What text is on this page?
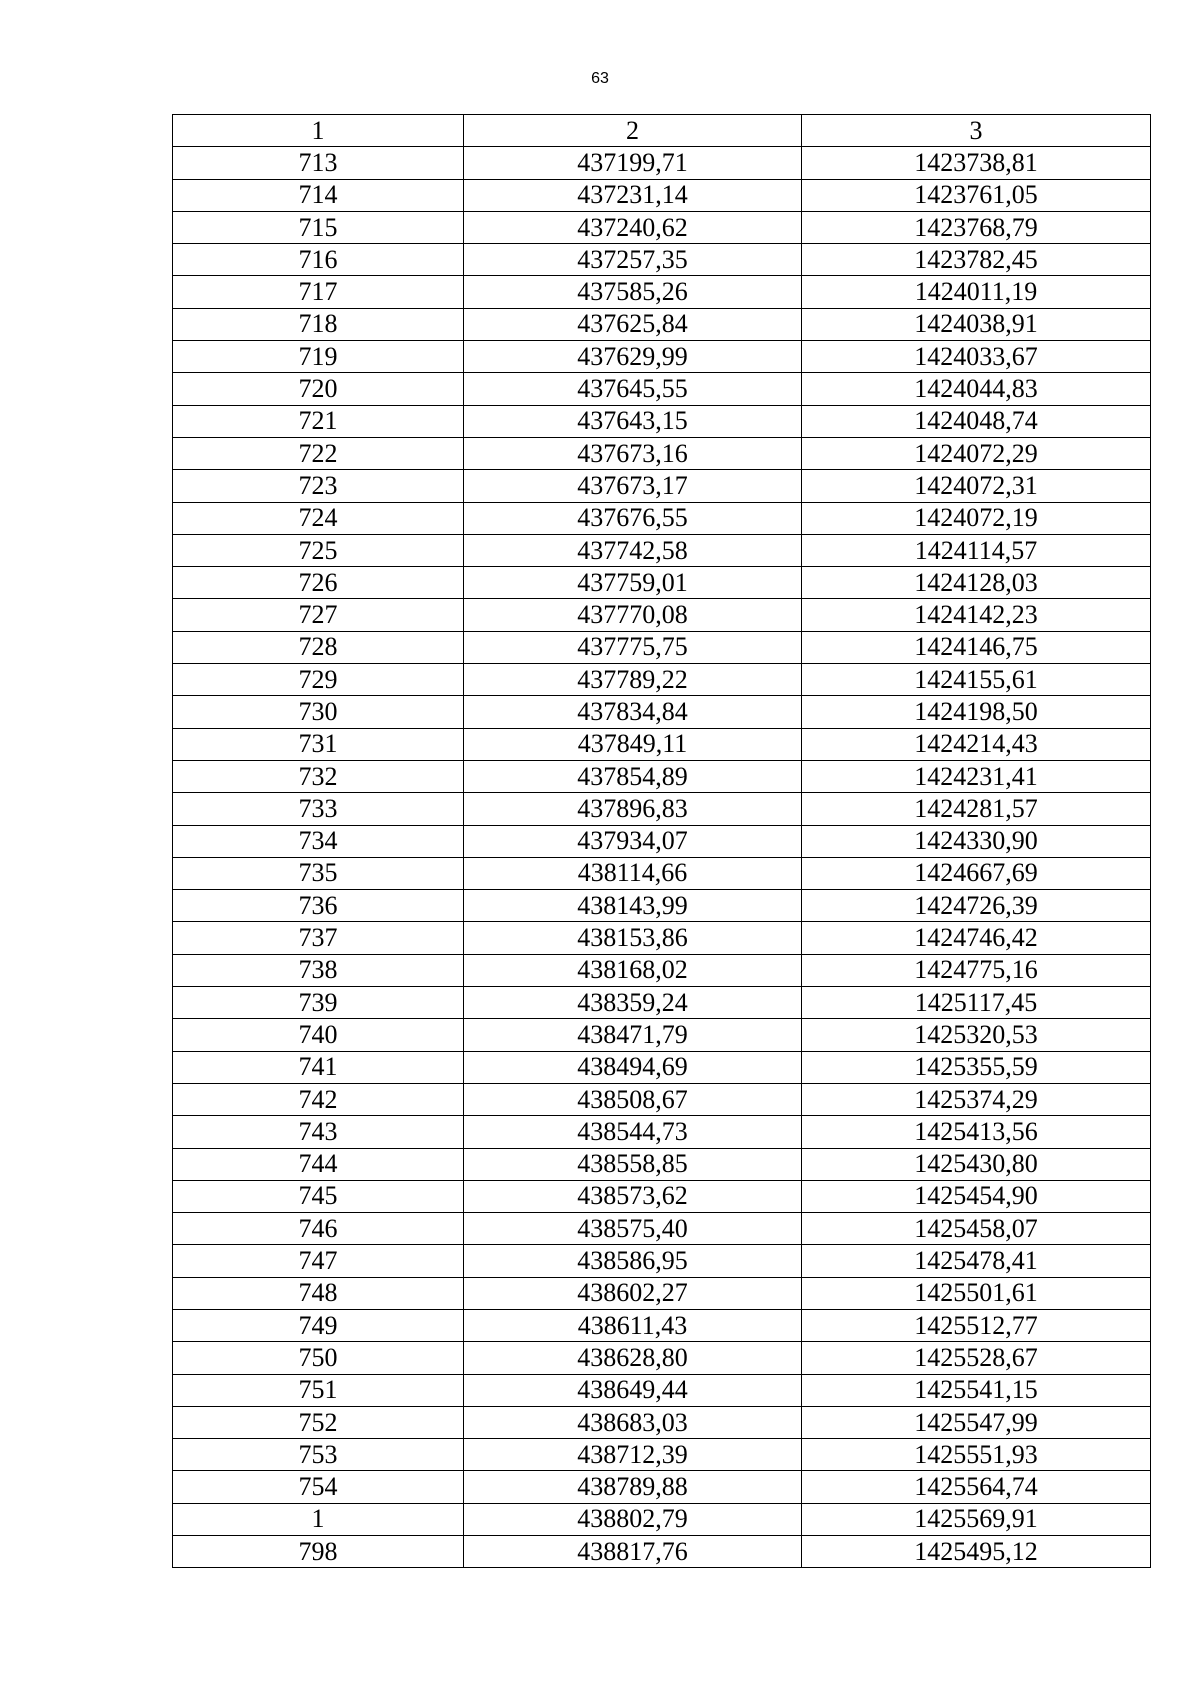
63
1	2	3
713	437199,71	1423738,81
714	437231,14	1423761,05
715	437240,62	1423768,79
716	437257,35	1423782,45
717	437585,26	1424011,19
718	437625,84	1424038,91
719	437629,99	1424033,67
720	437645,55	1424044,83
721	437643,15	1424048,74
722	437673,16	1424072,29
723	437673,17	1424072,31
724	437676,55	1424072,19
725	437742,58	1424114,57
726	437759,01	1424128,03
727	437770,08	1424142,23
728	437775,75	1424146,75
729	437789,22	1424155,61
730	437834,84	1424198,50
731	437849,11	1424214,43
732	437854,89	1424231,41
733	437896,83	1424281,57
734	437934,07	1424330,90
735	438114,66	1424667,69
736	438143,99	1424726,39
737	438153,86	1424746,42
738	438168,02	1424775,16
739	438359,24	1425117,45
740	438471,79	1425320,53
741	438494,69	1425355,59
742	438508,67	1425374,29
743	438544,73	1425413,56
744	438558,85	1425430,80
745	438573,62	1425454,90
746	438575,40	1425458,07
747	438586,95	1425478,41
748	438602,27	1425501,61
749	438611,43	1425512,77
750	438628,80	1425528,67
751	438649,44	1425541,15
752	438683,03	1425547,99
753	438712,39	1425551,93
754	438789,88	1425564,74
1	438802,79	1425569,91
798	438817,76	1425495,12
